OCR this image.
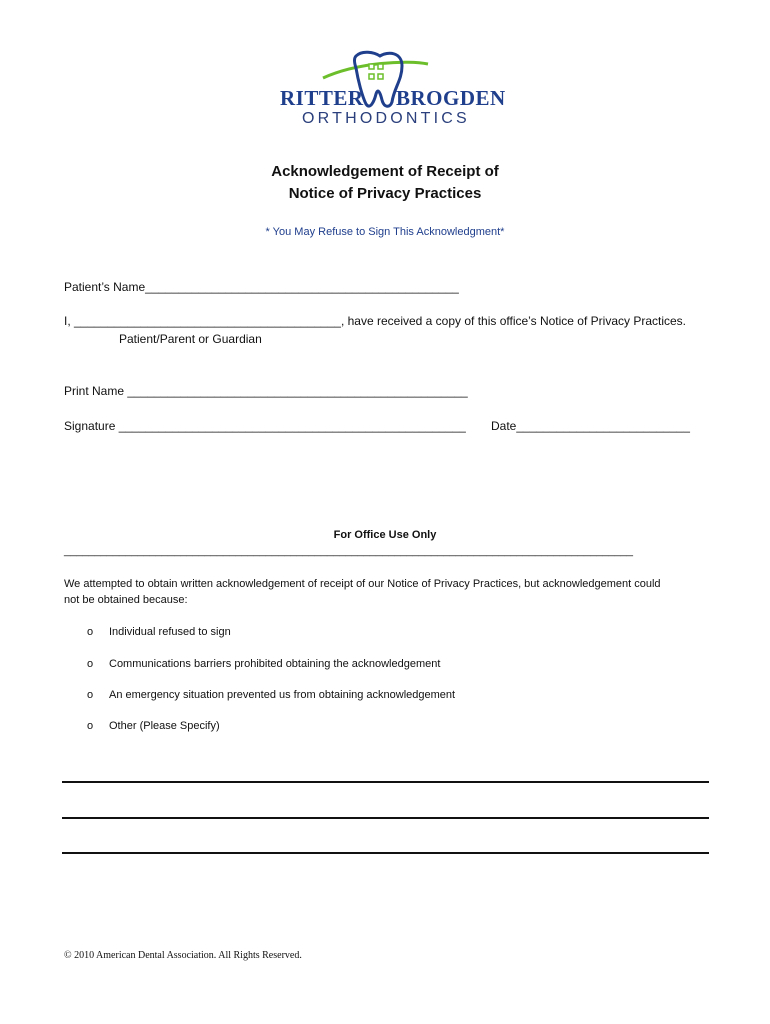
RITTER BROGDEN
ORTHODONTICS
Acknowledgement of Receipt of
Notice of Privacy Practices
* You May Refuse to Sign This Acknowledgment*
Patient’s Name_______________________________________________
I, ________________________________________, have received a copy of this office’s Notice of Privacy Practices.
Patient/Parent or Guardian
Print Name ___________________________________________________
Signature ____________________________________________________ Date__________________________
For Office Use Only
_____________________________________________________________________________________________
We attempted to obtain written acknowledgement of receipt of our Notice of Privacy Practices, but acknowledgement could
not be obtained because:
o Individual refused to sign
o Communications barriers prohibited obtaining the acknowledgement
o An emergency situation prevented us from obtaining acknowledgement
o Other (Please Specify)
© 2010 American Dental Association. All Rights Reserved.
